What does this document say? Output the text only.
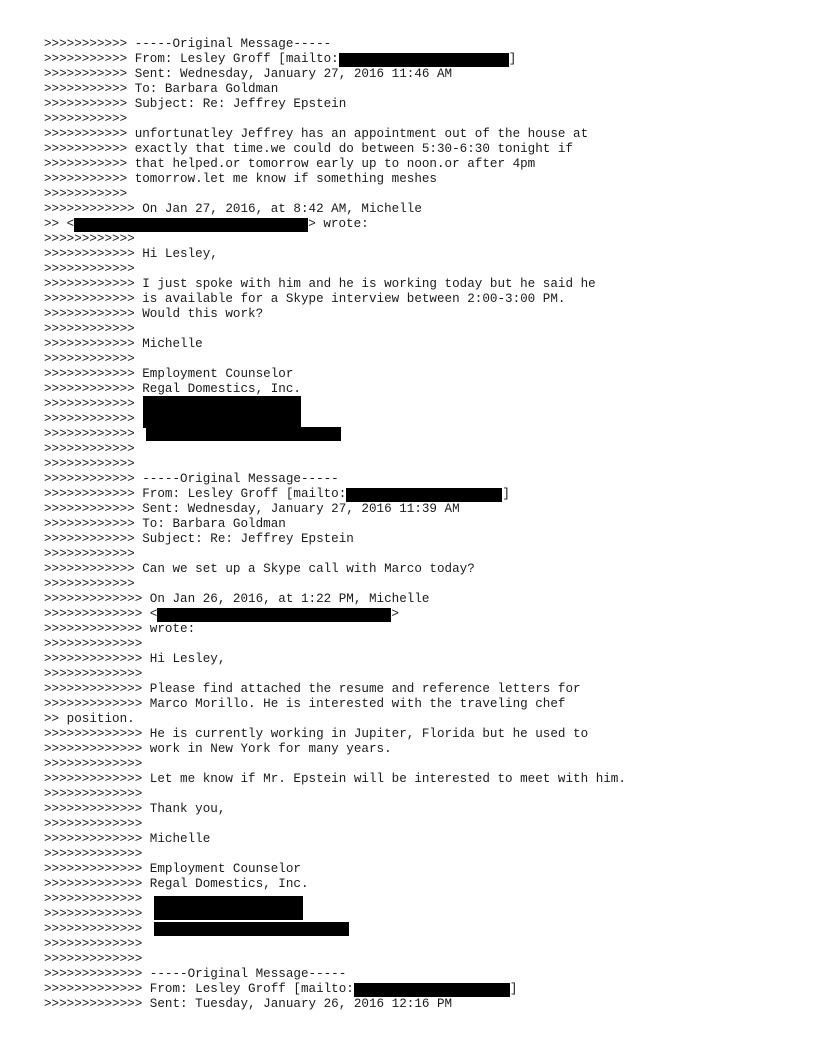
>>>>>>>>>>> -----Original Message-----
>>>>>>>>>>> From: Lesley Groff [mailto:	]
>>>>>>>>>>> Sent: Wednesday, January 27, 2016 11:46 AM
>>>>>>>>>>> To: Barbara Goldman
>>>>>>>>>>> Subject: Re: Jeffrey Epstein
>>>>>>>>>>>
>>>>>>>>>>> unfortunatley Jeffrey has an appointment out of the house at
>>>>>>>>>>> exactly that time.we could do between 5:30-6:30 tonight if
>>>>>>>>>>> that helped.or tomorrow early up to noon.or after 4pm
>>>>>>>>>>> tomorrow.let me know if something meshes
>>>>>>>>>>>
>>>>>>>>>>>> On Jan 27, 2016, at 8:42 AM, Michelle
>> <	> wrote:
>>>>>>>>>>>>
>>>>>>>>>>>> Hi Lesley,
>>>>>>>>>>>>
>>>>>>>>>>>> I just spoke with him and he is working today but he said he
>>>>>>>>>>>> is available for a Skype interview between 2:00-3:00 PM.
>>>>>>>>>>>> Would this work?
>>>>>>>>>>>>
>>>>>>>>>>>> Michelle
>>>>>>>>>>>>
>>>>>>>>>>>> Employment Counselor
>>>>>>>>>>>> Regal Domestics, Inc.
>>>>>>>>>>>>
>>>>>>>>>>>>
>>>>>>>>>>>>
>>>>>>>>>>>>
>>>>>>>>>>>>
>>>>>>>>>>>> -----Original Message-----
>>>>>>>>>>>> From: Lesley Groff [mailto:	]
>>>>>>>>>>>> Sent: Wednesday, January 27, 2016 11:39 AM
>>>>>>>>>>>> To: Barbara Goldman
>>>>>>>>>>>> Subject: Re: Jeffrey Epstein
>>>>>>>>>>>>
>>>>>>>>>>>> Can we set up a Skype call with Marco today?
>>>>>>>>>>>>
>>>>>>>>>>>>> On Jan 26, 2016, at 1:22 PM, Michelle
>>>>>>>>>>>>> <	>
>>>>>>>>>>>>> wrote:
>>>>>>>>>>>>>
>>>>>>>>>>>>> Hi Lesley,
>>>>>>>>>>>>>
>>>>>>>>>>>>> Please find attached the resume and reference letters for
>>>>>>>>>>>>> Marco Morillo. He is interested with the traveling chef
>> position.
>>>>>>>>>>>>> He is currently working in Jupiter, Florida but he used to
>>>>>>>>>>>>> work in New York for many years.
>>>>>>>>>>>>>
>>>>>>>>>>>>> Let me know if Mr. Epstein will be interested to meet with him.
>>>>>>>>>>>>>
>>>>>>>>>>>>> Thank you,
>>>>>>>>>>>>>
>>>>>>>>>>>>> Michelle
>>>>>>>>>>>>>
>>>>>>>>>>>>> Employment Counselor
>>>>>>>>>>>>> Regal Domestics, Inc.
>>>>>>>>>>>>>
>>>>>>>>>>>>>
>>>>>>>>>>>>>
>>>>>>>>>>>>>
>>>>>>>>>>>>>
>>>>>>>>>>>>> -----Original Message-----
>>>>>>>>>>>>> From: Lesley Groff [mailto:	]
>>>>>>>>>>>>> Sent: Tuesday, January 26, 2016 12:16 PM
